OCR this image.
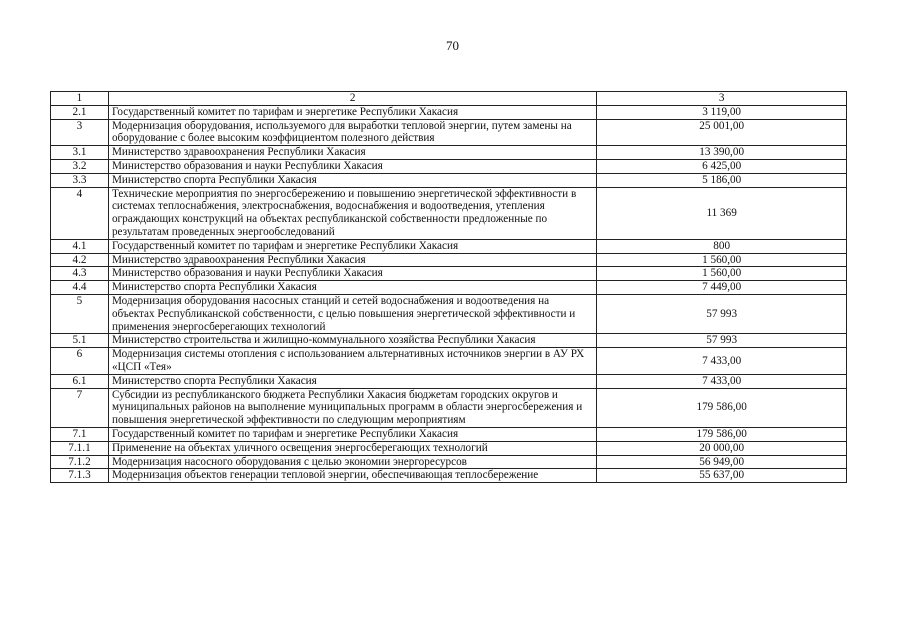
70
1	2	3
2.1	Государственный комитет по тарифам и энергетике Республики Хакасия	3 119,00
3	Модернизация оборудования, используемого для выработки тепловой энергии, путем замены на оборудование с более высоким коэффициентом полезного действия	25 001,00
3.1	Министерство здравоохранения Республики Хакасия	13 390,00
3.2	Министерство образования и науки Республики Хакасия	6 425,00
3.3	Министерство спорта Республики Хакасия	5 186,00
4	Технические мероприятия по энергосбережению и повышению энергетической эффективности в системах теплоснабжения, электроснабжения, водоснабжения и водоотведения, утепления ограждающих конструкций на объектах республиканской собственности предложенные по результатам проведенных энергообследований	11 369
4.1	Государственный комитет по тарифам и энергетике Республики Хакасия	800
4.2	Министерство здравоохранения Республики Хакасия	1 560,00
4.3	Министерство образования и науки Республики Хакасия	1 560,00
4.4	Министерство спорта Республики Хакасия	7 449,00
5	Модернизация оборудования насосных станций и сетей водоснабжения и водоотведения на объектах Республиканской собственности, с целью повышения энергетической эффективности и применения энергосберегающих технологий	57 993
5.1	Министерство строительства и жилищно-коммунального хозяйства Республики Хакасия	57 993
6	Модернизация системы отопления с использованием альтернативных источников энергии в АУ РХ «ЦСП «Тея»	7 433,00
6.1	Министерство спорта Республики Хакасия	7 433,00
7	Субсидии из республиканского бюджета Республики Хакасия бюджетам городских округов и муниципальных районов на выполнение муниципальных программ в области энергосбережения и повышения энергетической эффективности по следующим мероприятиям	179 586,00
7.1	Государственный комитет по тарифам и энергетике Республики Хакасия	179 586,00
7.1.1	Применение на объектах уличного освещения энергосберегающих технологий	20 000,00
7.1.2	Модернизация насосного оборудования с целью экономии энергоресурсов	56 949,00
7.1.3	Модернизация объектов генерации тепловой энергии, обеспечивающая теплосбережение	55 637,00
